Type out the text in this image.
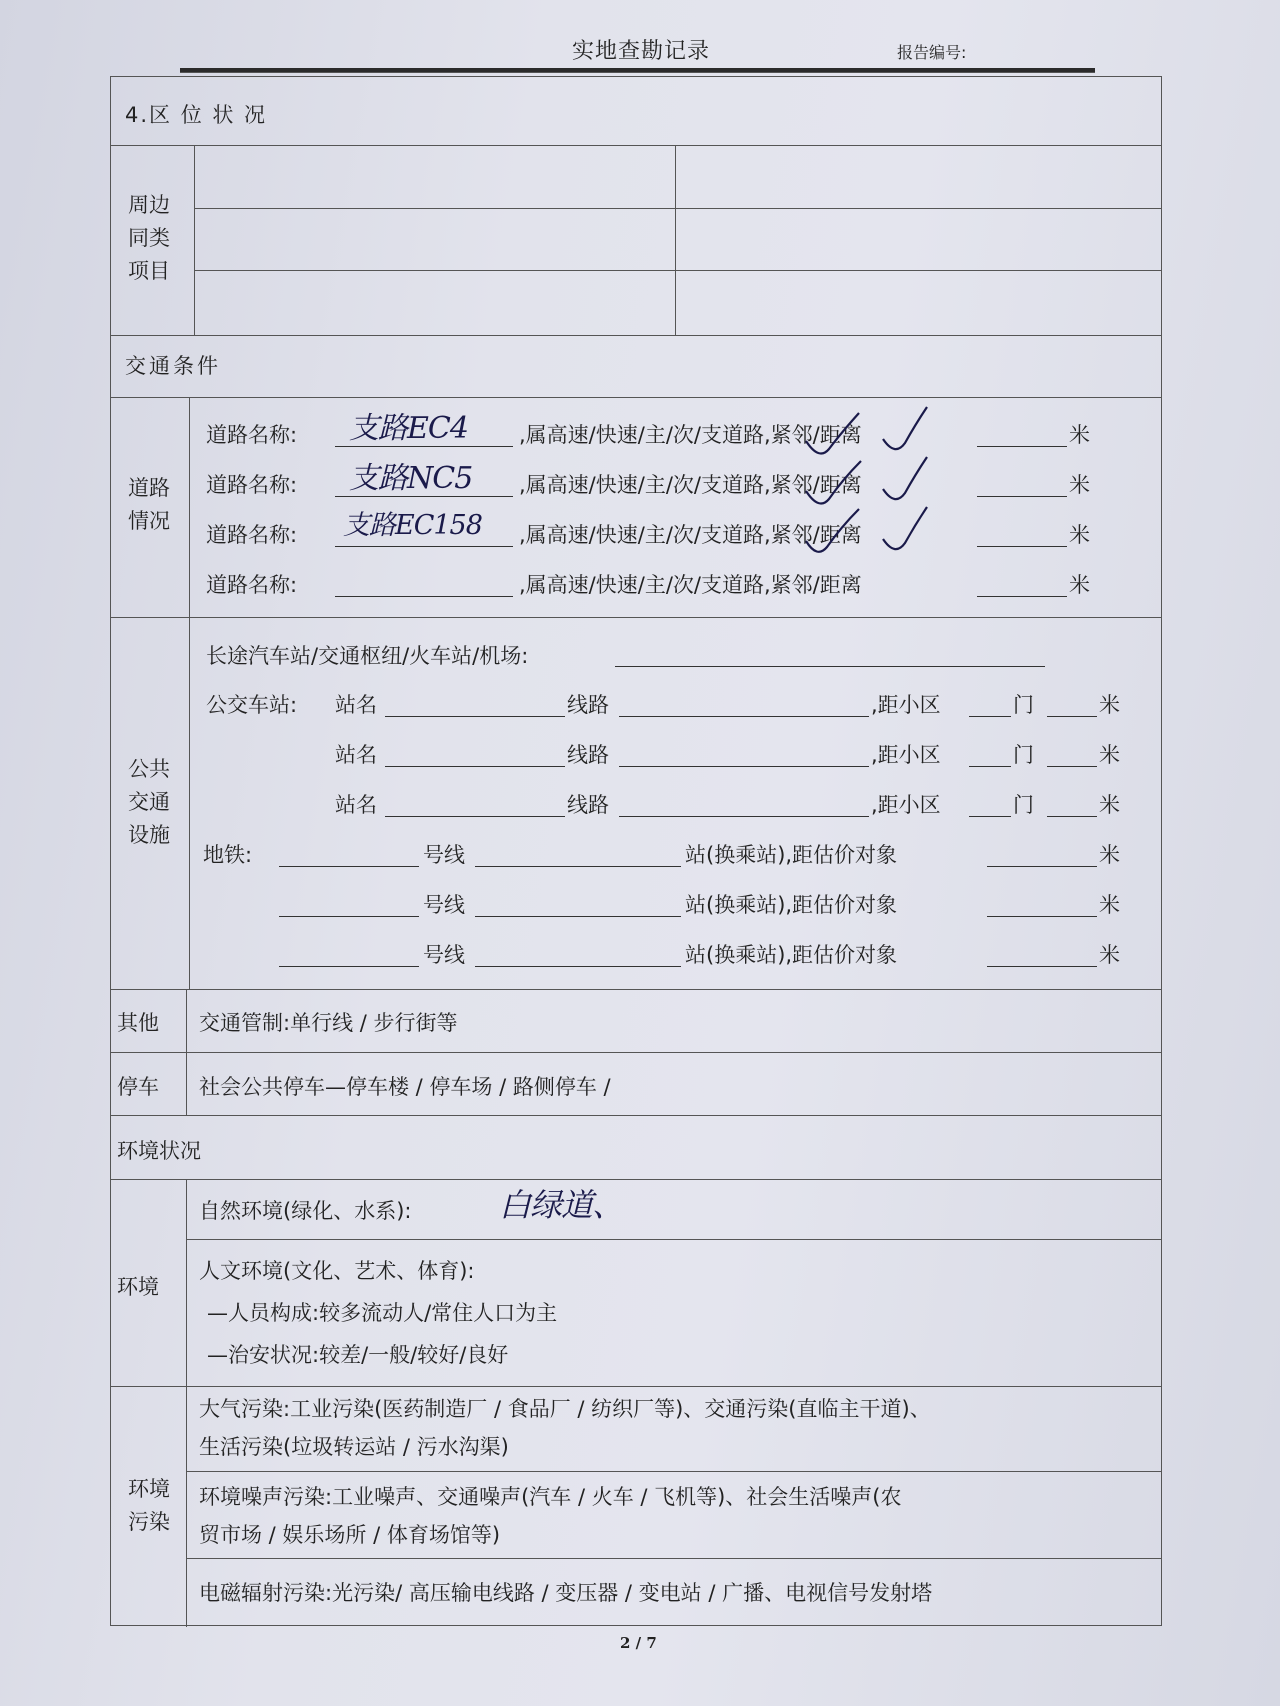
实地查勘记录	报告编号:
4.区 位 状 况
周边同类项目
交通条件
道路情况
道路名称: 支路EC4 ,属高速/快速/主/次/支道路,紧邻/距离	米
道路名称: 支路NC5 ,属高速/快速/主/次/支道路,紧邻/距离	米
道路名称: 支路EC158 ,属高速/快速/主/次/支道路,紧邻/距离	米
道路名称:	,属高速/快速/主/次/支道路,紧邻/距离	米
公共交通设施
长途汽车站/交通枢纽/火车站/机场:
公交车站: 站名	线路	,距小区	门	米
站名	线路	,距小区	门	米
站名	线路	,距小区	门	米
地铁:	号线	站(换乘站),距估价对象	米
号线	站(换乘站),距估价对象	米
号线	站(换乘站),距估价对象	米
其他 交通管制:单行线 / 步行街等
停车 社会公共停车—停车楼 / 停车场 / 路侧停车 /
环境状况
环境
自然环境(绿化、水系):	白绿道、
人文环境(文化、艺术、体育):
—人员构成:较多流动人/常住人口为主
—治安状况:较差/一般/较好/良好
环境污染
大气污染:工业污染(医药制造厂 / 食品厂 / 纺织厂等)、交通污染(直临主干道)、
生活污染(垃圾转运站 / 污水沟渠)
环境噪声污染:工业噪声、交通噪声(汽车 / 火车 / 飞机等)、社会生活噪声(农
贸市场 / 娱乐场所 / 体育场馆等)
电磁辐射污染:光污染/ 高压输电线路 / 变压器 / 变电站 / 广播、电视信号发射塔
2 / 7
